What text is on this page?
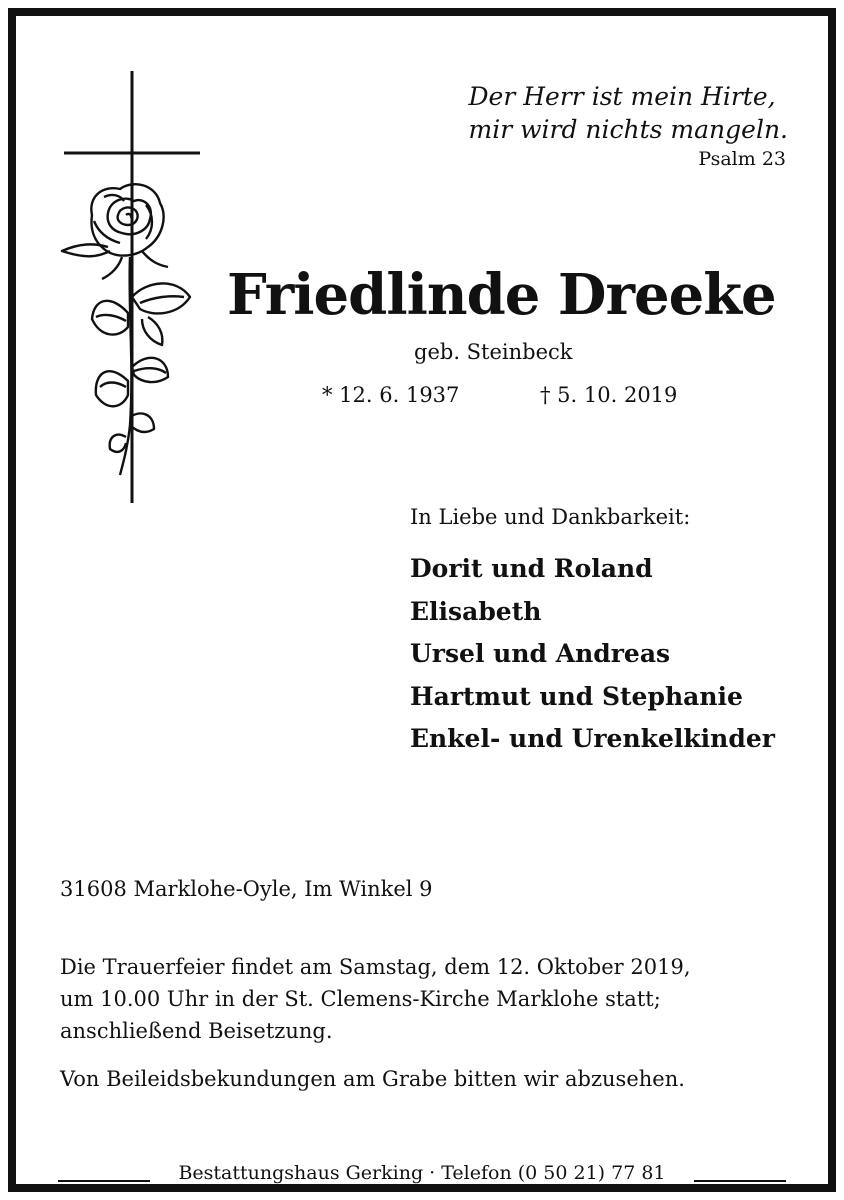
Der Herr ist mein Hirte,
mir wird nichts mangeln.
Psalm 23
Friedlinde Dreeke
geb. Steinbeck
* 12. 6. 1937	† 5. 10. 2019
In Liebe und Dankbarkeit:
Dorit und Roland
Elisabeth
Ursel und Andreas
Hartmut und Stephanie
Enkel- und Urenkelkinder
31608 Marklohe-Oyle, Im Winkel 9
Die Trauerfeier findet am Samstag, dem 12. Oktober 2019,
um 10.00 Uhr in der St. Clemens-Kirche Marklohe statt;
anschließend Beisetzung.
Von Beileidsbekundungen am Grabe bitten wir abzusehen.
Bestattungshaus Gerking · Telefon (0 50 21) 77 81
